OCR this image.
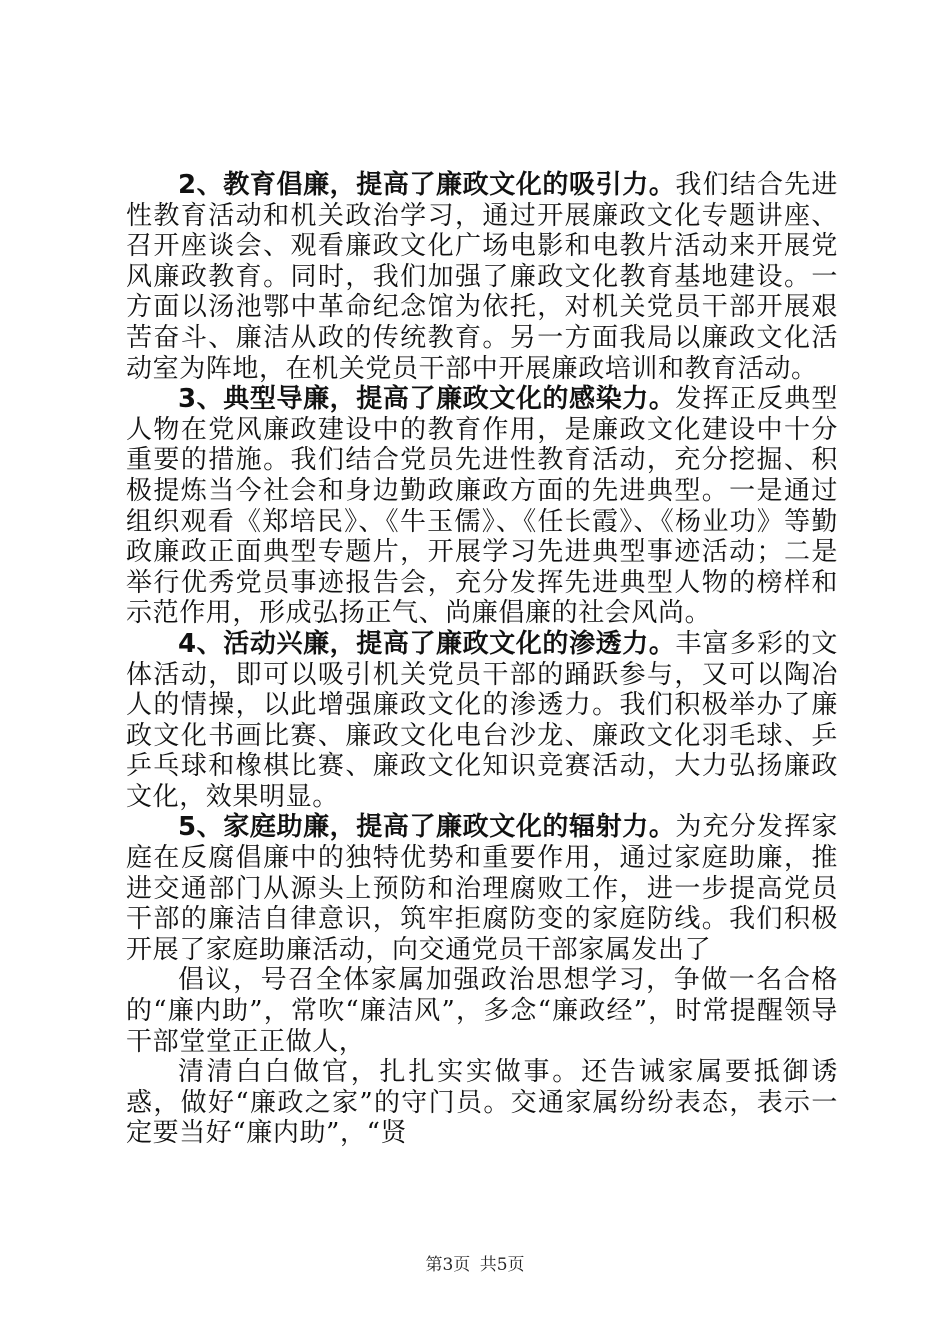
2、教育倡廉，提高了廉政文化的吸引力。我们结合先进性教育活动和机关政治学习，通过开展廉政文化专题讲座、召开座谈会、观看廉政文化广场电影和电教片活动来开展党风廉政教育。同时，我们加强了廉政文化教育基地建设。一方面以汤池鄂中革命纪念馆为依托，对机关党员干部开展艰苦奋斗、廉洁从政的传统教育。另一方面我局以廉政文化活动室为阵地，在机关党员干部中开展廉政培训和教育活动。

3、典型导廉，提高了廉政文化的感染力。发挥正反典型人物在党风廉政建设中的教育作用，是廉政文化建设中十分重要的措施。我们结合党员先进性教育活动，充分挖掘、积极提炼当今社会和身边勤政廉政方面的先进典型。一是通过组织观看《郑培民》、《牛玉儒》、《任长霞》、《杨业功》等勤政廉政正面典型专题片，开展学习先进典型事迹活动；二是举行优秀党员事迹报告会，充分发挥先进典型人物的榜样和示范作用，形成弘扬正气、尚廉倡廉的社会风尚。

4、活动兴廉，提高了廉政文化的渗透力。丰富多彩的文体活动，即可以吸引机关党员干部的踊跃参与，又可以陶冶人的情操，以此增强廉政文化的渗透力。我们积极举办了廉政文化书画比赛、廉政文化电台沙龙、廉政文化羽毛球、乒乒乓球和橡棋比赛、廉政文化知识竞赛活动，大力弘扬廉政文化，效果明显。

5、家庭助廉，提高了廉政文化的辐射力。为充分发挥家庭在反腐倡廉中的独特优势和重要作用，通过家庭助廉，推进交通部门从源头上预防和治理腐败工作，进一步提高党员干部的廉洁自律意识，筑牢拒腐防变的家庭防线。我们积极开展了家庭助廉活动，向交通党员干部家属发出了

倡议，号召全体家属加强政治思想学习，争做一名合格的“廉内助”，常吹“廉洁风”，多念“廉政经”，时常提醒领导干部堂堂正正做人，

清清白白做官，扎扎实实做事。还告诫家属要抵御诱惑，做好“廉政之家”的守门员。交通家属纷纷表态，表示一定要当好“廉内助”，“贤

第3页 共5页
